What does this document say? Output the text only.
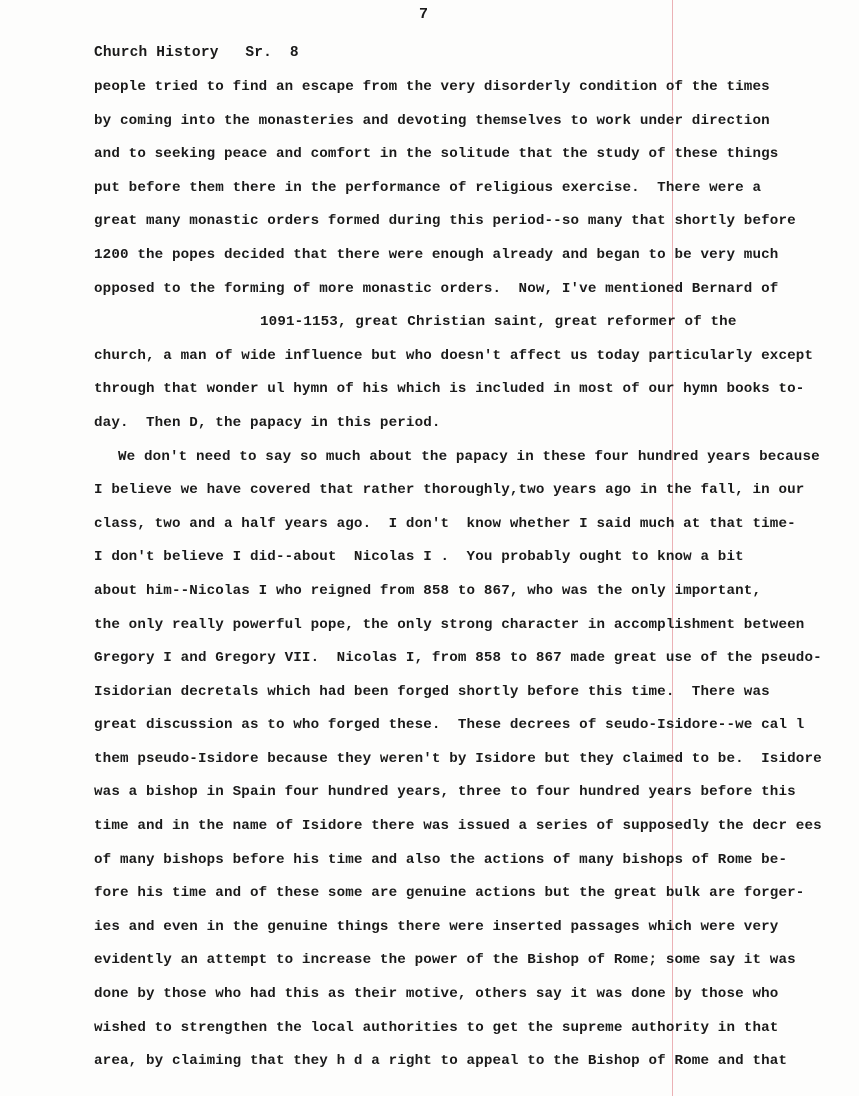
7
Church History   Sr.  8
people tried to find an escape from the very disorderly condition of the times
by coming into the monasteries and devoting themselves to work under direction
and to seeking peace and comfort in the solitude that the study of these things
put before them there in the performance of religious exercise.  There were a
great many monastic orders formed during this period--so many that shortly before
1200 the popes decided that there were enough already and began to be very much
opposed to the forming of more monastic orders.  Now, I've mentioned Bernard of
1091-1153, great Christian saint, great reformer of the
church, a man of wide influence but who doesn't affect us today particularly except
through that wonder ul hymn of his which is included in most of our hymn books to-
day.  Then D, the papacy in this period.
We don't need to say so much about the papacy in these four hundred years because
I believe we have covered that rather thoroughly,two years ago in the fall, in our
class, two and a half years ago.  I don't  know whether I said much at that time-
I don't believe I did--about  Nicolas I .  You probably ought to know a bit
about him--Nicolas I who reigned from 858 to 867, who was the only important,
the only really powerful pope, the only strong character in accomplishment between
Gregory I and Gregory VII.  Nicolas I, from 858 to 867 made great use of the pseudo-
Isidorian decretals which had been forged shortly before this time.  There was
great discussion as to who forged these.  These decrees of seudo-Isidore--we cal l
them pseudo-Isidore because they weren't by Isidore but they claimed to be.  Isidore
was a bishop in Spain four hundred years, three to four hundred years before this
time and in the name of Isidore there was issued a series of supposedly the decr ees
of many bishops before his time and also the actions of many bishops of Rome be-
fore his time and of these some are genuine actions but the great bulk are forger-
ies and even in the genuine things there were inserted passages which were very
evidently an attempt to increase the power of the Bishop of Rome; some say it was
done by those who had this as their motive, others say it was done by those who
wished to strengthen the local authorities to get the supreme authority in that
area, by claiming that they h d a right to appeal to the Bishop of Rome and that
